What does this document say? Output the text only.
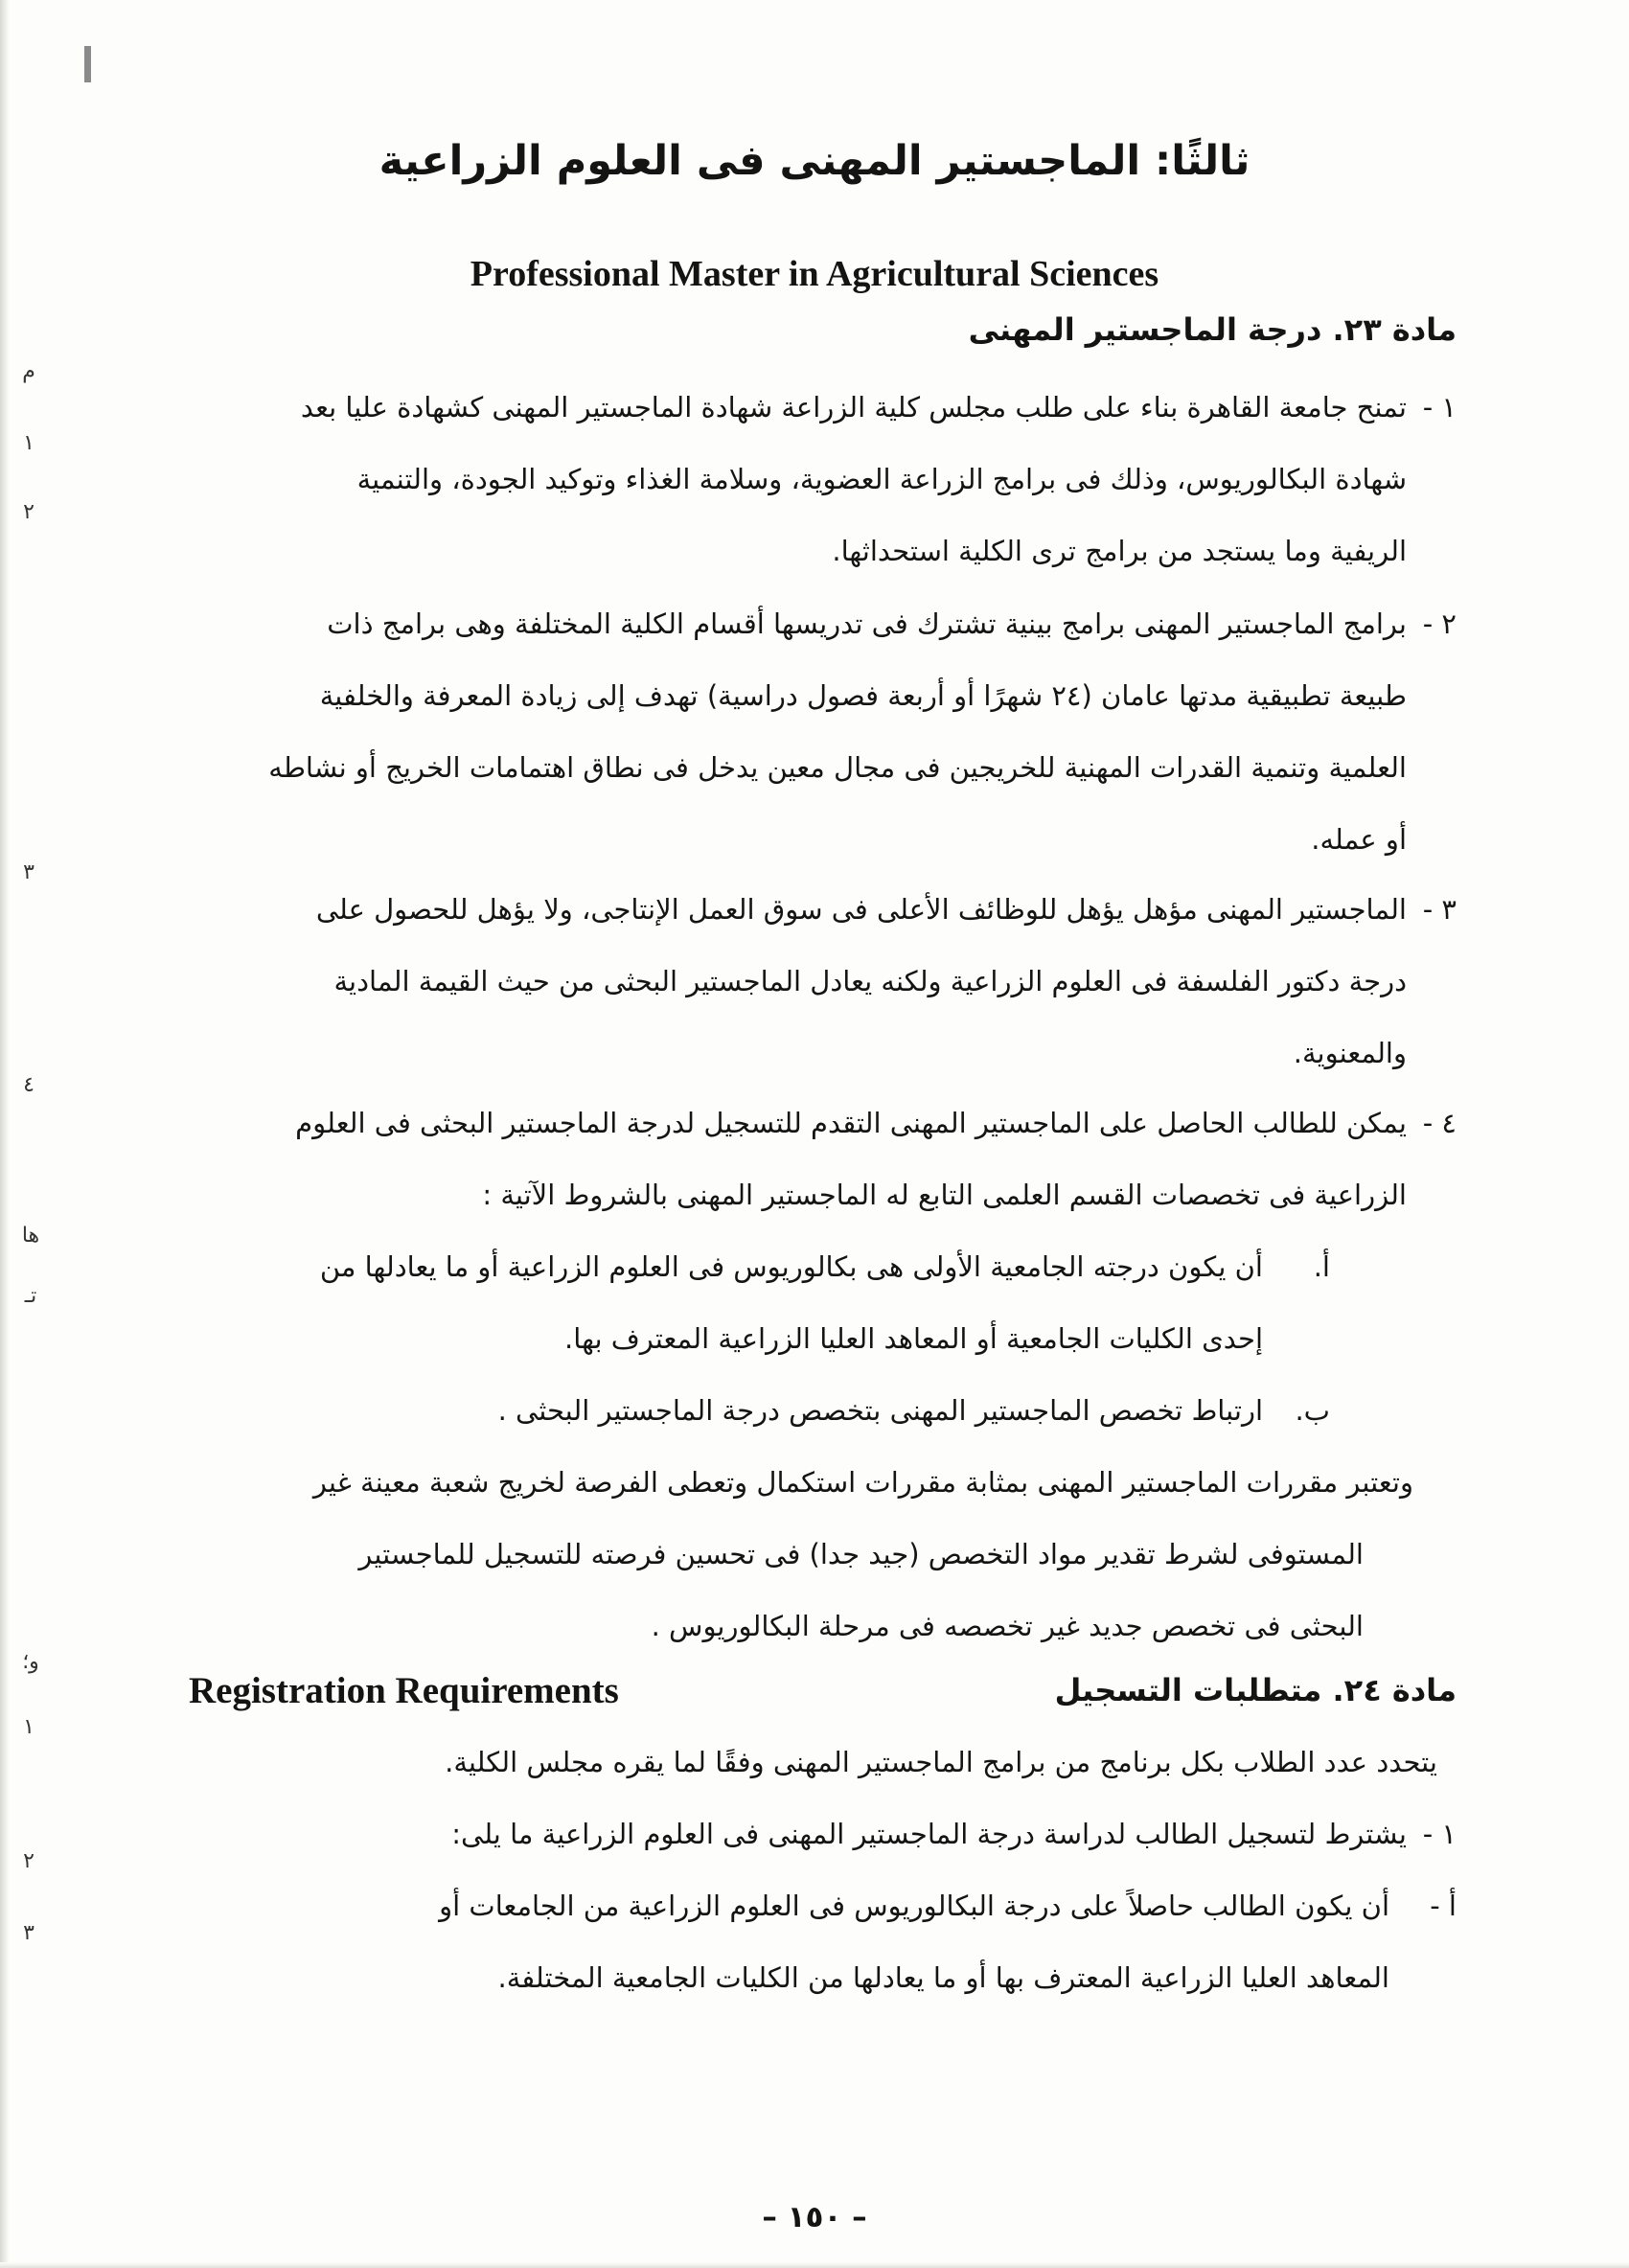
م
١
٢
٣
٤
ها
تـ
و؛
١
٢
٣
ثالثًا: الماجستير المهنى فى العلوم الزراعية
Professional Master in Agricultural Sciences
مادة ٢٣. درجة الماجستير المهنى
١ -
تمنح جامعة القاهرة بناء على طلب مجلس كلية الزراعة شهادة الماجستير المهنى كشهادة عليا بعد
شهادة البكالوريوس، وذلك فى برامج الزراعة العضوية، وسلامة الغذاء وتوكيد الجودة، والتنمية
الريفية وما يستجد من برامج ترى الكلية استحداثها.
٢ -
برامج الماجستير المهنى برامج بينية تشترك فى تدريسها أقسام الكلية المختلفة وهى برامج ذات
طبيعة تطبيقية مدتها عامان (٢٤ شهرًا أو أربعة فصول دراسية) تهدف إلى زيادة المعرفة والخلفية
العلمية وتنمية القدرات المهنية للخريجين فى مجال معين يدخل فى نطاق اهتمامات الخريج أو نشاطه
أو عمله.
٣ -
الماجستير المهنى مؤهل يؤهل للوظائف الأعلى فى سوق العمل الإنتاجى، ولا يؤهل للحصول على
درجة دكتور الفلسفة فى العلوم الزراعية ولكنه يعادل الماجستير البحثى من حيث القيمة المادية
والمعنوية.
٤ -
يمكن للطالب الحاصل على الماجستير المهنى التقدم للتسجيل لدرجة الماجستير البحثى فى العلوم
الزراعية فى تخصصات القسم العلمى التابع له الماجستير المهنى بالشروط الآتية :
أ.
أن يكون درجته الجامعية الأولى هى بكالوريوس فى العلوم الزراعية أو ما يعادلها من
إحدى الكليات الجامعية أو المعاهد العليا الزراعية المعترف بها.
ب.
ارتباط تخصص الماجستير المهنى بتخصص درجة الماجستير البحثى .
وتعتبر مقررات الماجستير المهنى بمثابة مقررات استكمال وتعطى الفرصة لخريج شعبة معينة غير
المستوفى لشرط تقدير مواد التخصص (جيد جدا) فى تحسين فرصته للتسجيل للماجستير
البحثى فى تخصص جديد غير تخصصه فى مرحلة البكالوريوس .
مادة ٢٤. متطلبات التسجيل
Registration Requirements
يتحدد عدد الطلاب بكل برنامج من برامج الماجستير المهنى وفقًا لما يقره مجلس الكلية.
١ -
يشترط لتسجيل الطالب لدراسة درجة الماجستير المهنى فى العلوم الزراعية ما يلى:
أ -
أن يكون الطالب حاصلاً على درجة البكالوريوس فى العلوم الزراعية من الجامعات أو
المعاهد العليا الزراعية المعترف بها أو ما يعادلها من الكليات الجامعية المختلفة.
– ١٥٠ –
